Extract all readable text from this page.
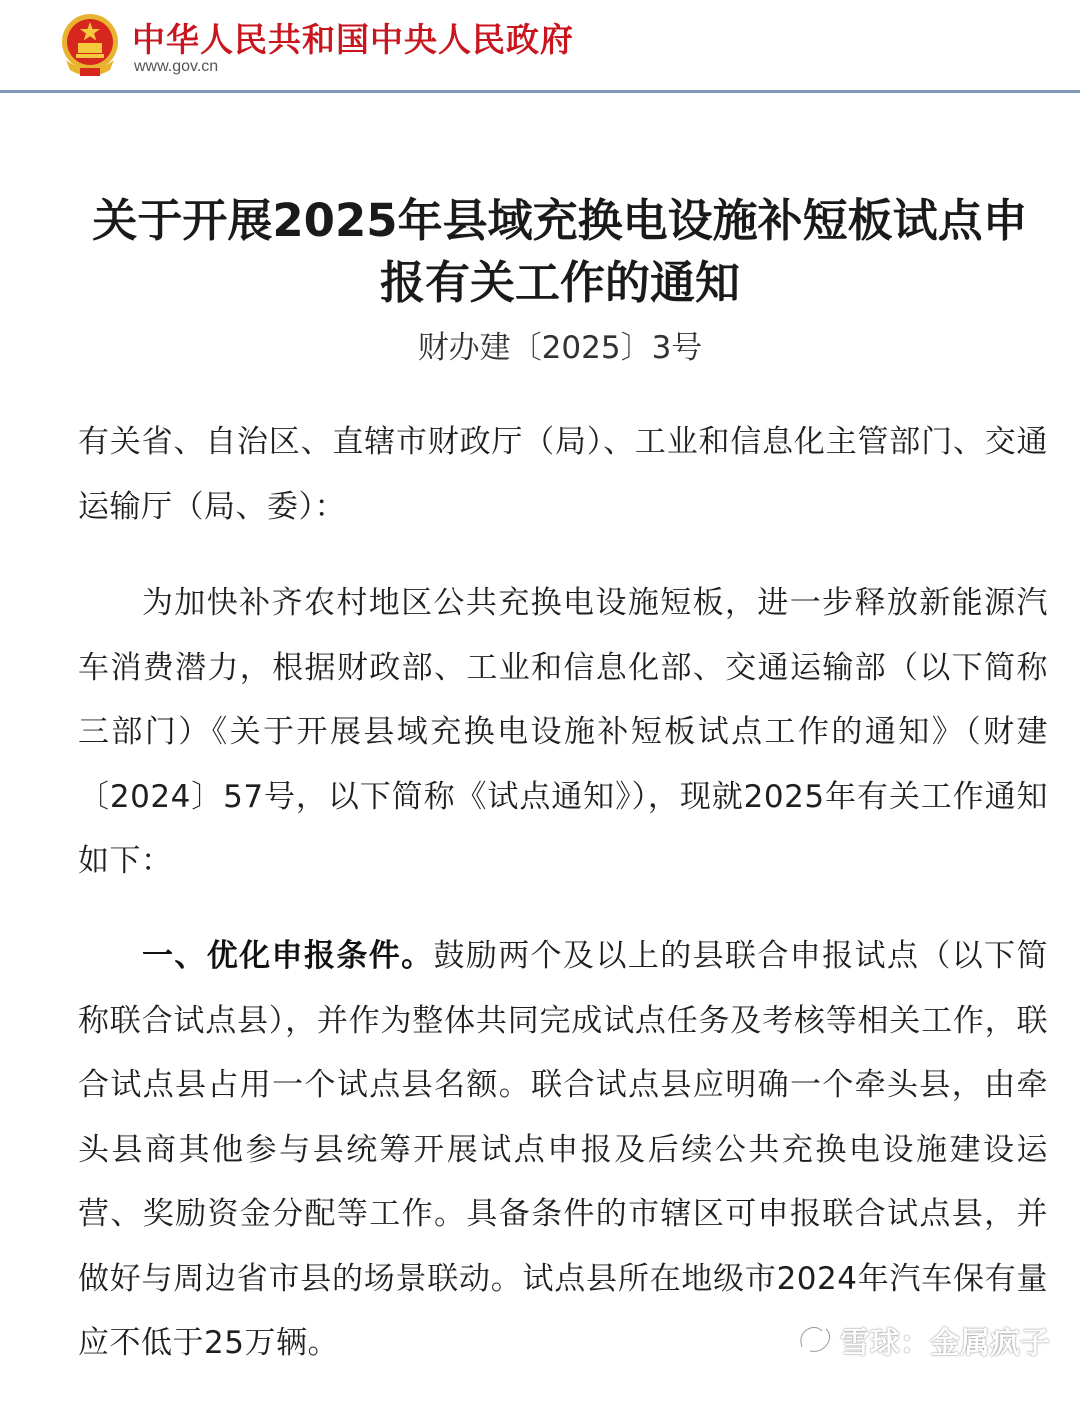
中华人民共和国中央人民政府
www.gov.cn
关于开展2025年县域充换电设施补短板试点申报有关工作的通知

财办建〔2025〕3号

有关省、自治区、直辖市财政厅（局）、工业和信息化主管部门、交通运输厅（局、委）：

为加快补齐农村地区公共充换电设施短板，进一步释放新能源汽车消费潜力，根据财政部、工业和信息化部、交通运输部（以下简称三部门）《关于开展县域充换电设施补短板试点工作的通知》（财建〔2024〕57号，以下简称《试点通知》），现就2025年有关工作通知如下：

一、优化申报条件。鼓励两个及以上的县联合申报试点（以下简称联合试点县），并作为整体共同完成试点任务及考核等相关工作，联合试点县占用一个试点县名额。联合试点县应明确一个牵头县，由牵头县商其他参与县统筹开展试点申报及后续公共充换电设施建设运营、奖励资金分配等工作。具备条件的市辖区可申报联合试点县，并做好与周边省市县的场景联动。试点县所在地级市2024年汽车保有量应不低于25万辆。	雪球：金属疯子
